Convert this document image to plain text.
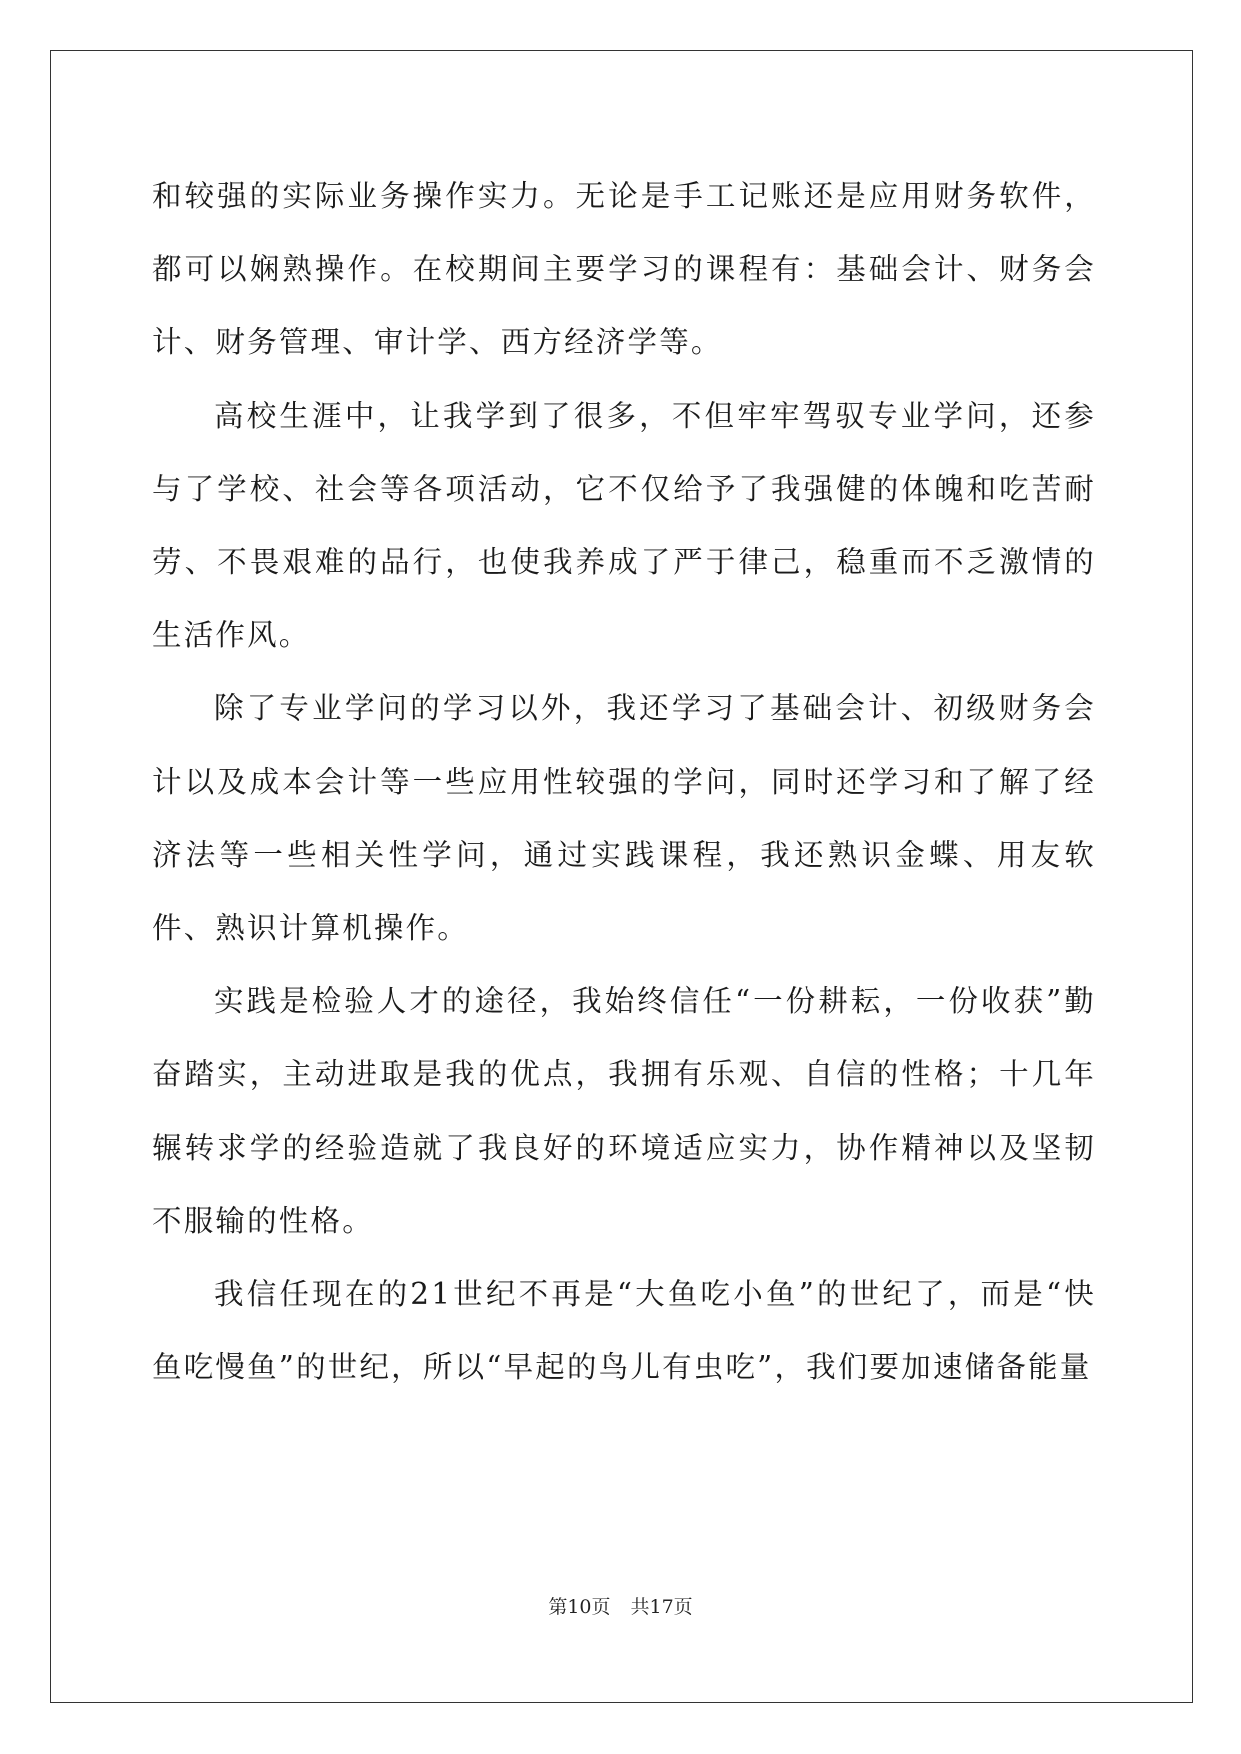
和较强的实际业务操作实力。无论是手工记账还是应用财务软件，都可以娴熟操作。在校期间主要学习的课程有：基础会计、财务会计、财务管理、审计学、西方经济学等。

高校生涯中，让我学到了很多，不但牢牢驾驭专业学问，还参与了学校、社会等各项活动，它不仅给予了我强健的体魄和吃苦耐劳、不畏艰难的品行，也使我养成了严于律己，稳重而不乏激情的生活作风。

除了专业学问的学习以外，我还学习了基础会计、初级财务会计以及成本会计等一些应用性较强的学问，同时还学习和了解了经济法等一些相关性学问，通过实践课程，我还熟识金蝶、用友软件、熟识计算机操作。

实践是检验人才的途径，我始终信任“一份耕耘，一份收获”勤奋踏实，主动进取是我的优点，我拥有乐观、自信的性格；十几年辗转求学的经验造就了我良好的环境适应实力，协作精神以及坚韧不服输的性格。

我信任现在的21世纪不再是“大鱼吃小鱼”的世纪了，而是“快鱼吃慢鱼”的世纪，所以“早起的鸟儿有虫吃”，我们要加速储备能量

第10页 共17页
